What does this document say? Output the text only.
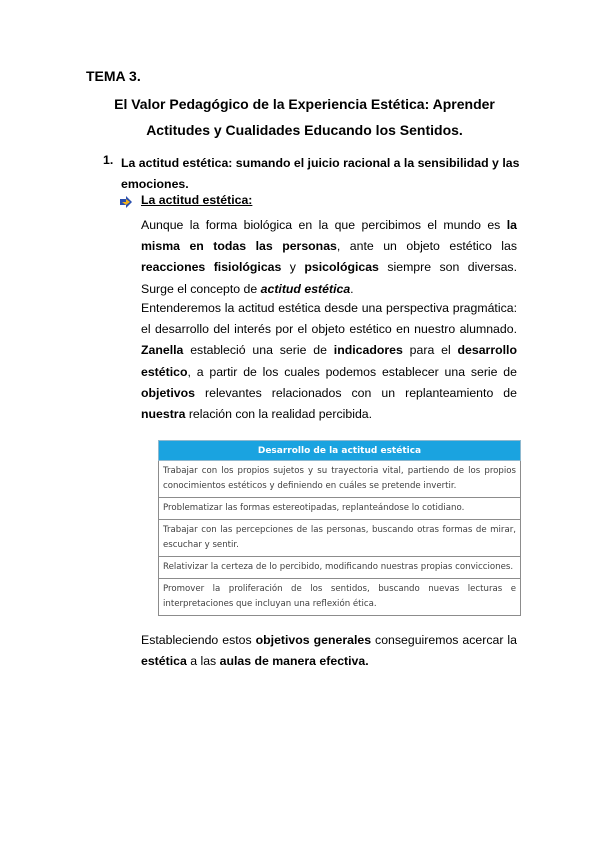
TEMA 3.
El Valor Pedagógico de la Experiencia Estética: Aprender
Actitudes y Cualidades Educando los Sentidos.
1. La actitud estética: sumando el juicio racional a la sensibilidad y las emociones.
La actitud estética:
Aunque la forma biológica en la que percibimos el mundo es la misma en todas las personas, ante un objeto estético las reacciones fisiológicas y psicológicas siempre son diversas. Surge el concepto de actitud estética.
Entenderemos la actitud estética desde una perspectiva pragmática: el desarrollo del interés por el objeto estético en nuestro alumnado. Zanella estableció una serie de indicadores para el desarrollo estético, a partir de los cuales podemos establecer una serie de objetivos relevantes relacionados con un replanteamiento de nuestra relación con la realidad percibida.
Desarrollo de la actitud estética
Trabajar con los propios sujetos y su trayectoria vital, partiendo de los propios conocimientos estéticos y definiendo en cuáles se pretende invertir.
Problematizar las formas estereotipadas, replanteándose lo cotidiano.
Trabajar con las percepciones de las personas, buscando otras formas de mirar, escuchar y sentir.
Relativizar la certeza de lo percibido, modificando nuestras propias convicciones.
Promover la proliferación de los sentidos, buscando nuevas lecturas e interpretaciones que incluyan una reflexión ética.
Estableciendo estos objetivos generales conseguiremos acercar la estética a las aulas de manera efectiva.
